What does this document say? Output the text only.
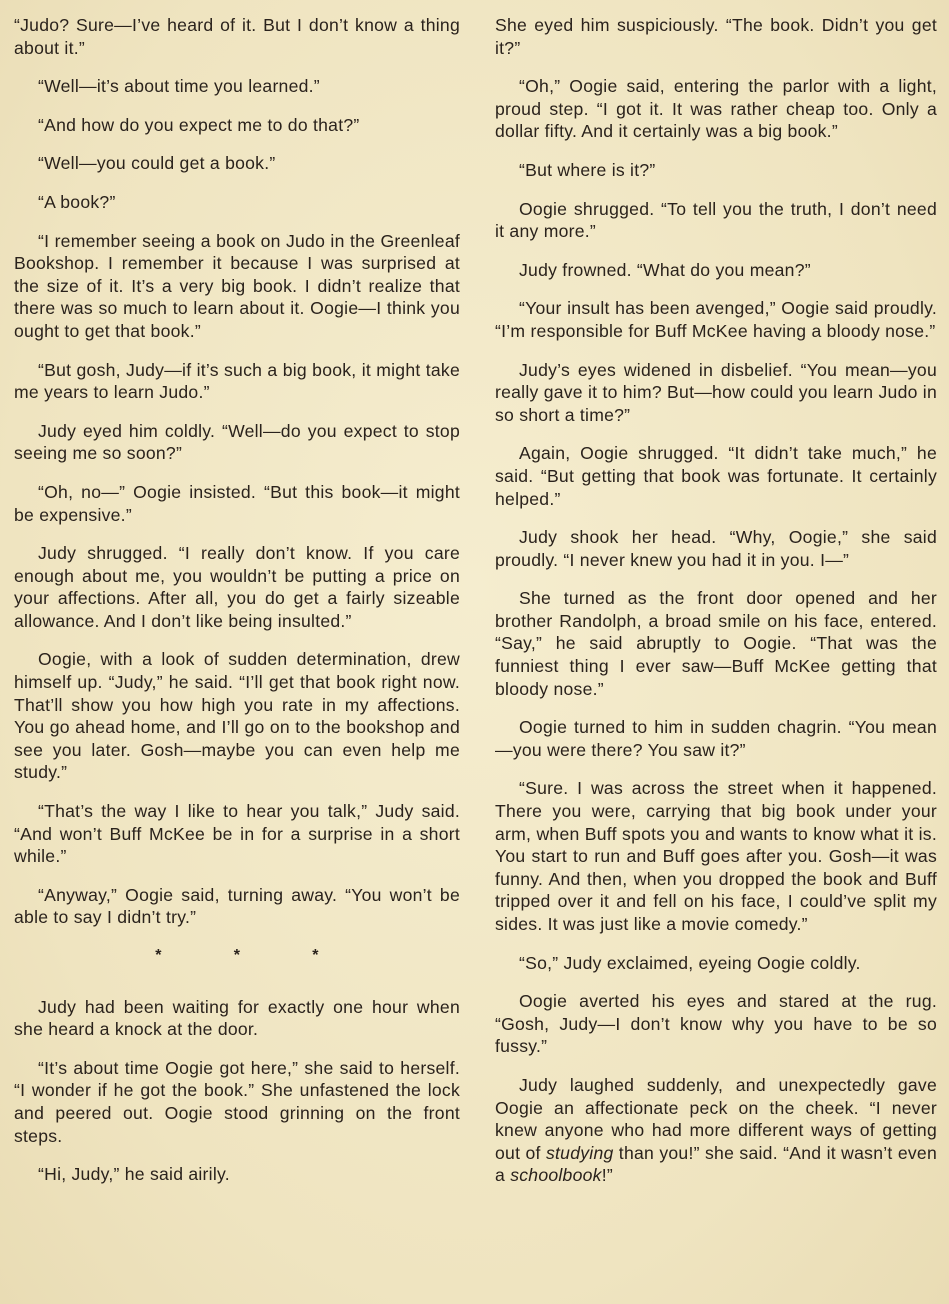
“Judo? Sure—I’ve heard of it. But I don’t know a thing about it.”

“Well—it’s about time you learned.”

“And how do you expect me to do that?”

“Well—you could get a book.”

“A book?”

“I remember seeing a book on Judo in the Greenleaf Bookshop. I remember it because I was surprised at the size of it. It’s a very big book. I didn’t realize that there was so much to learn about it. Oogie—I think you ought to get that book.”

“But gosh, Judy—if it’s such a big book, it might take me years to learn Judo.”

Judy eyed him coldly. “Well—do you expect to stop seeing me so soon?”

“Oh, no—” Oogie insisted. “But this book—it might be expensive.”

Judy shrugged. “I really don’t know. If you care enough about me, you wouldn’t be putting a price on your affections. After all, you do get a fairly sizeable allowance. And I don’t like being insulted.”

Oogie, with a look of sudden determination, drew himself up. “Judy,” he said. “I’ll get that book right now. That’ll show you how high you rate in my affections. You go ahead home, and I’ll go on to the bookshop and see you later. Gosh—maybe you can even help me study.”

“That’s the way I like to hear you talk,” Judy said. “And won’t Buff McKee be in for a surprise in a short while.”

“Anyway,” Oogie said, turning away. “You won’t be able to say I didn’t try.”

*	*	*

Judy had been waiting for exactly one hour when she heard a knock at the door.

“It’s about time Oogie got here,” she said to herself. “I wonder if he got the book.” She unfastened the lock and peered out. Oogie stood grinning on the front steps.

“Hi, Judy,” he said airily.

She eyed him suspiciously. “The book. Didn’t you get it?”

“Oh,” Oogie said, entering the parlor with a light, proud step. “I got it. It was rather cheap too. Only a dollar fifty. And it certainly was a big book.”

“But where is it?”

Oogie shrugged. “To tell you the truth, I don’t need it any more.”

Judy frowned. “What do you mean?”

“Your insult has been avenged,” Oogie said proudly. “I’m responsible for Buff McKee having a bloody nose.”

Judy’s eyes widened in disbelief. “You mean—you really gave it to him? But—how could you learn Judo in so short a time?”

Again, Oogie shrugged. “It didn’t take much,” he said. “But getting that book was fortunate. It certainly helped.”

Judy shook her head. “Why, Oogie,” she said proudly. “I never knew you had it in you. I—”

She turned as the front door opened and her brother Randolph, a broad smile on his face, entered. “Say,” he said abruptly to Oogie. “That was the funniest thing I ever saw—Buff McKee getting that bloody nose.”

Oogie turned to him in sudden chagrin. “You mean—you were there? You saw it?”

“Sure. I was across the street when it happened. There you were, carrying that big book under your arm, when Buff spots you and wants to know what it is. You start to run and Buff goes after you. Gosh—it was funny. And then, when you dropped the book and Buff tripped over it and fell on his face, I could’ve split my sides. It was just like a movie comedy.”

“So,” Judy exclaimed, eyeing Oogie coldly.

Oogie averted his eyes and stared at the rug. “Gosh, Judy—I don’t know why you have to be so fussy.”

Judy laughed suddenly, and unexpectedly gave Oogie an affectionate peck on the cheek. “I never knew anyone who had more different ways of getting out of studying than you!” she said. “And it wasn’t even a schoolbook!”
